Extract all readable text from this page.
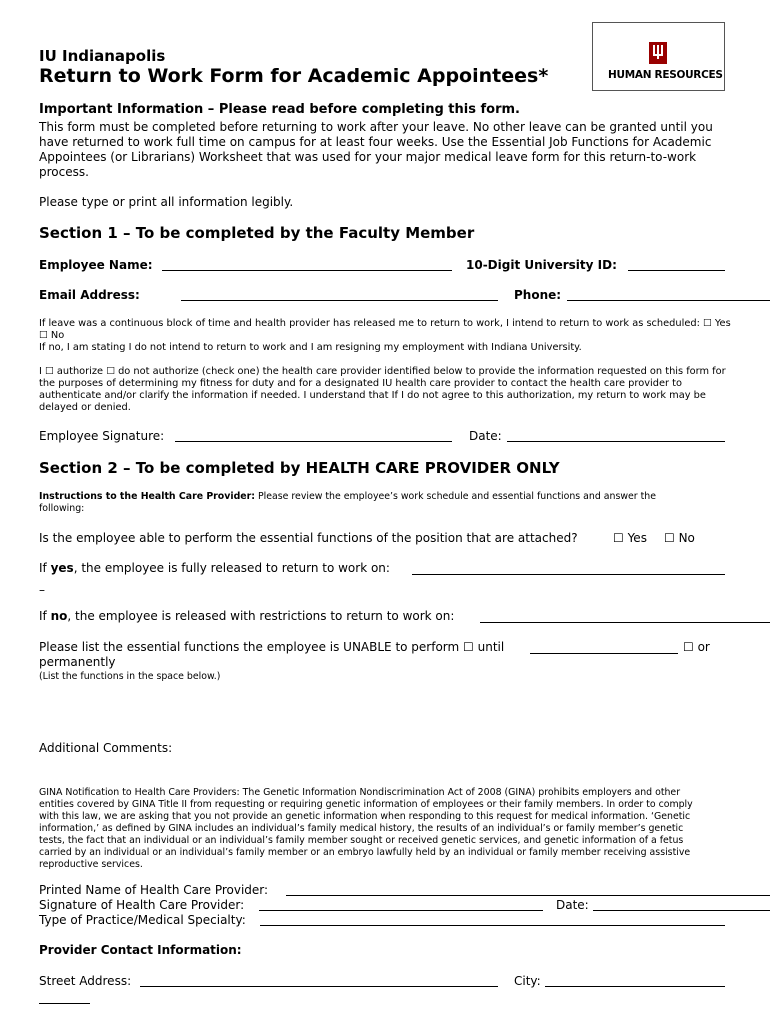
IU Indianapolis
Return to Work Form for Academic Appointees*	HUMAN RESOURCES
Important Information – Please read before completing this form.
This form must be completed before returning to work after your leave. No other leave can be granted until you
have returned to work full time on campus for at least four weeks. Use the Essential Job Functions for Academic
Appointees (or Librarians) Worksheet that was used for your major medical leave form for this return-to-work
process.
Please type or print all information legibly.
Section 1 – To be completed by the Faculty Member
Employee Name:	10-Digit University ID:
Email Address:	Phone:
If leave was a continuous block of time and health provider has released me to return to work, I intend to return to work as scheduled: ☐ Yes
☐ No
If no, I am stating I do not intend to return to work and I am resigning my employment with Indiana University.
I ☐ authorize ☐ do not authorize (check one) the health care provider identified below to provide the information requested on this form for
the purposes of determining my fitness for duty and for a designated IU health care provider to contact the health care provider to
authenticate and/or clarify the information if needed. I understand that If I do not agree to this authorization, my return to work may be
delayed or denied.
Employee Signature:	Date:
Section 2 – To be completed by HEALTH CARE PROVIDER ONLY
Instructions to the Health Care Provider: Please review the employee’s work schedule and essential functions and answer the
following:
Is the employee able to perform the essential functions of the position that are attached?	☐ Yes ☐ No
If yes, the employee is fully released to return to work on:
–
If no, the employee is released with restrictions to return to work on:
Please list the essential functions the employee is UNABLE to perform ☐ until	☐ or
permanently
(List the functions in the space below.)
Additional Comments:
GINA Notification to Health Care Providers: The Genetic Information Nondiscrimination Act of 2008 (GINA) prohibits employers and other
entities covered by GINA Title II from requesting or requiring genetic information of employees or their family members. In order to comply
with this law, we are asking that you not provide an genetic information when responding to this request for medical information. ‘Genetic
information,’ as defined by GINA includes an individual’s family medical history, the results of an individual’s or family member’s genetic
tests, the fact that an individual or an individual’s family member sought or received genetic services, and genetic information of a fetus
carried by an individual or an individual’s family member or an embryo lawfully held by an individual or family member receiving assistive
reproductive services.
Printed Name of Health Care Provider:
Signature of Health Care Provider:	Date:
Type of Practice/Medical Specialty:
Provider Contact Information:
Street Address:	City:
